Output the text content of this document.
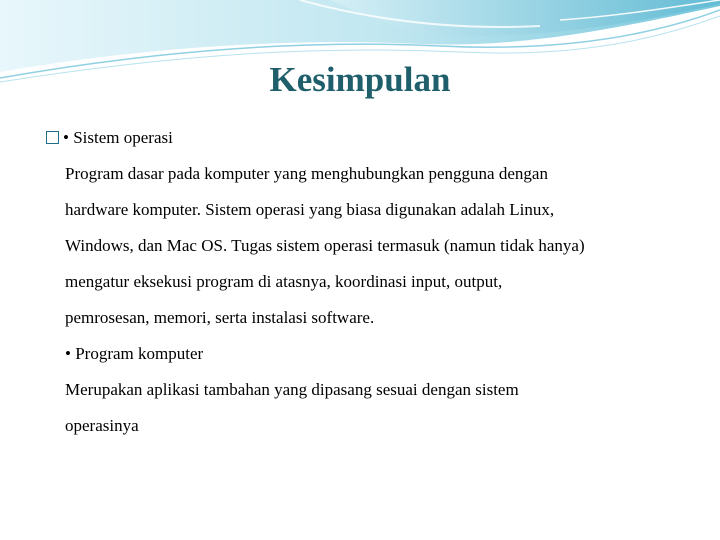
Kesimpulan
• Sistem operasi
Program dasar pada komputer yang menghubungkan pengguna dengan
hardware komputer. Sistem operasi yang biasa digunakan adalah Linux,
Windows, dan Mac OS. Tugas sistem operasi termasuk (namun tidak hanya)
mengatur eksekusi program di atasnya, koordinasi input, output,
pemrosesan, memori, serta instalasi software.
• Program komputer
Merupakan aplikasi tambahan yang dipasang sesuai dengan sistem
operasinya
